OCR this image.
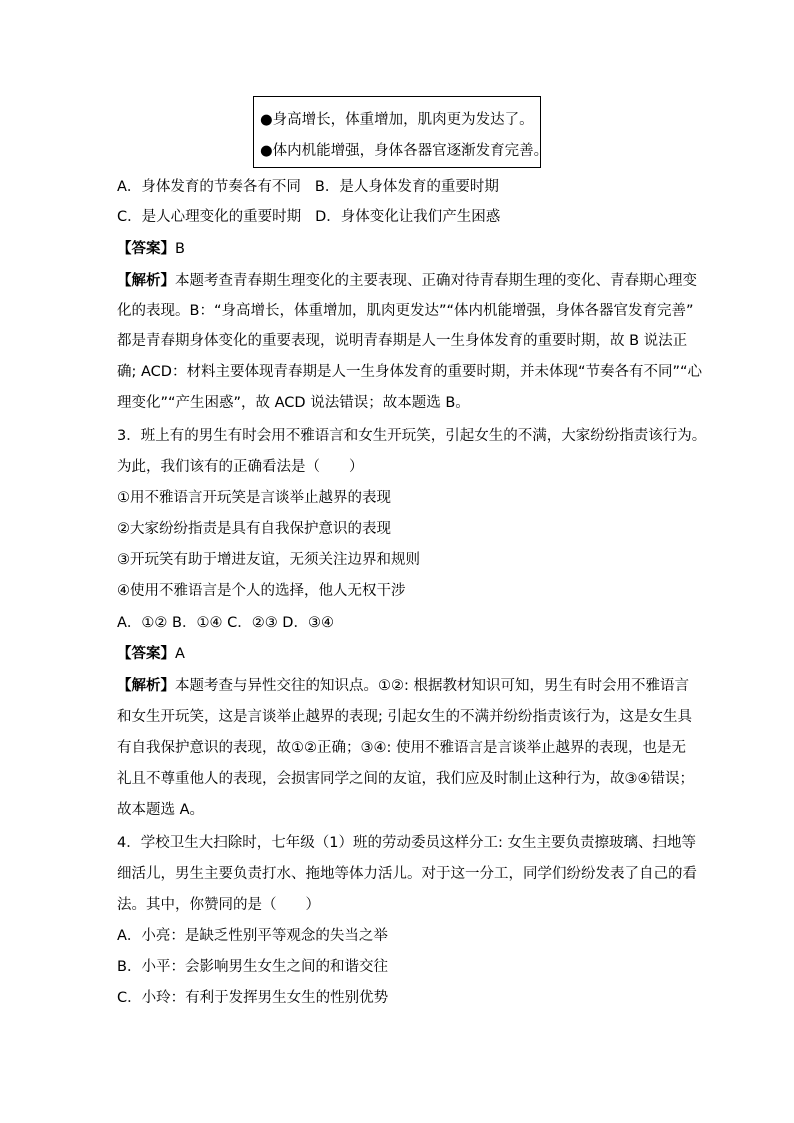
●身高增长，体重增加，肌肉更为发达了。
●体内机能增强，身体各器官逐渐发育完善。
A．身体发育的节奏各有不同 B．是人身体发育的重要时期
C．是人心理变化的重要时期 D．身体变化让我们产生困惑
【答案】B
【解析】本题考查青春期生理变化的主要表现、正确对待青春期生理的变化、青春期心理变
化的表现。B：“身高增长，体重增加，肌肉更发达”“体内机能增强，身体各器官发育完善”
都是青春期身体变化的重要表现，说明青春期是人一生身体发育的重要时期，故 B 说法正
确; ACD：材料主要体现青春期是人一生身体发育的重要时期，并未体现“节奏各有不同”“心
理变化”“产生困惑”，故 ACD 说法错误；故本题选 B。
3．班上有的男生有时会用不雅语言和女生开玩笑，引起女生的不满，大家纷纷指责该行为。
为此，我们该有的正确看法是（　　）
①用不雅语言开玩笑是言谈举止越界的表现
②大家纷纷指责是具有自我保护意识的表现
③开玩笑有助于增进友谊，无须关注边界和规则
④使用不雅语言是个人的选择，他人无权干涉
A．①② B．①④ C．②③ D．③④
【答案】A
【解析】本题考查与异性交往的知识点。①②: 根据教材知识可知，男生有时会用不雅语言
和女生开玩笑，这是言谈举止越界的表现; 引起女生的不满并纷纷指责该行为，这是女生具
有自我保护意识的表现，故①②正确；③④: 使用不雅语言是言谈举止越界的表现，也是无
礼且不尊重他人的表现，会损害同学之间的友谊，我们应及时制止这种行为，故③④错误；
故本题选 A。
4．学校卫生大扫除时，七年级（1）班的劳动委员这样分工: 女生主要负责擦玻璃、扫地等
细活儿，男生主要负责打水、拖地等体力活儿。对于这一分工，同学们纷纷发表了自己的看
法。其中，你赞同的是（　　）
A．小亮：是缺乏性别平等观念的失当之举
B．小平：会影响男生女生之间的和谐交往
C．小玲：有利于发挥男生女生的性别优势
